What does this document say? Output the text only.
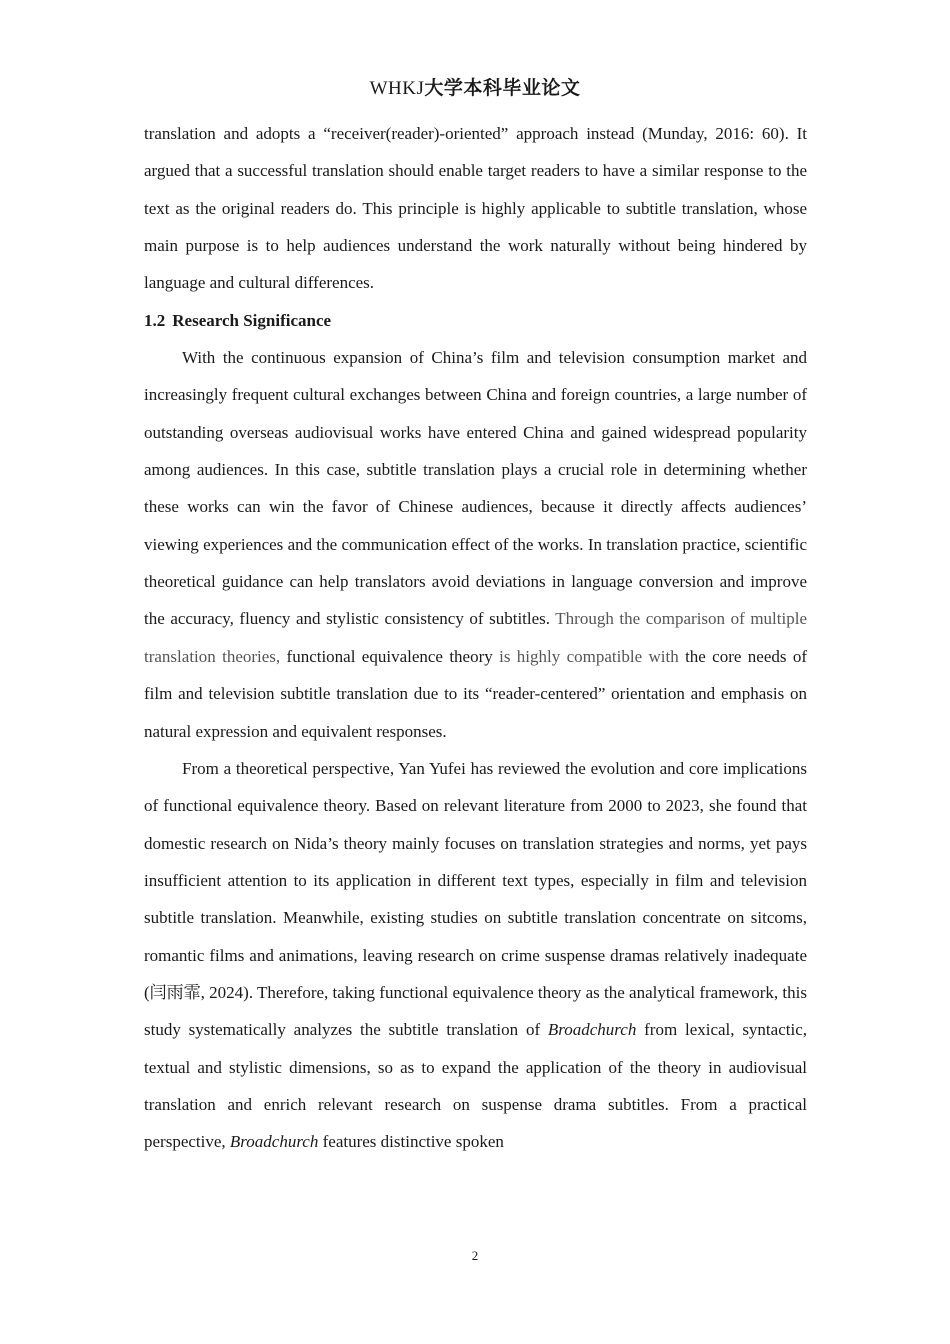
WHKJ大学本科毕业论文

translation and adopts a “receiver(reader)-oriented” approach instead (Munday, 2016: 60). It argued that a successful translation should enable target readers to have a similar response to the text as the original readers do. This principle is highly applicable to subtitle translation, whose main purpose is to help audiences understand the work naturally without being hindered by language and cultural differences.

1.2 Research Significance

With the continuous expansion of China’s film and television consumption market and increasingly frequent cultural exchanges between China and foreign countries, a large number of outstanding overseas audiovisual works have entered China and gained widespread popularity among audiences. In this case, subtitle translation plays a crucial role in determining whether these works can win the favor of Chinese audiences, because it directly affects audiences’ viewing experiences and the communication effect of the works. In translation practice, scientific theoretical guidance can help translators avoid deviations in language conversion and improve the accuracy, fluency and stylistic consistency of subtitles. Through the comparison of multiple translation theories, functional equivalence theory is highly compatible with the core needs of film and television subtitle translation due to its “reader-centered” orientation and emphasis on natural expression and equivalent responses.

From a theoretical perspective, Yan Yufei has reviewed the evolution and core implications of functional equivalence theory. Based on relevant literature from 2000 to 2023, she found that domestic research on Nida’s theory mainly focuses on translation strategies and norms, yet pays insufficient attention to its application in different text types, especially in film and television subtitle translation. Meanwhile, existing studies on subtitle translation concentrate on sitcoms, romantic films and animations, leaving research on crime suspense dramas relatively inadequate (闫雨霏, 2024). Therefore, taking functional equivalence theory as the analytical framework, this study systematically analyzes the subtitle translation of Broadchurch from lexical, syntactic, textual and stylistic dimensions, so as to expand the application of the theory in audiovisual translation and enrich relevant research on suspense drama subtitles. From a practical perspective, Broadchurch features distinctive spoken

2
